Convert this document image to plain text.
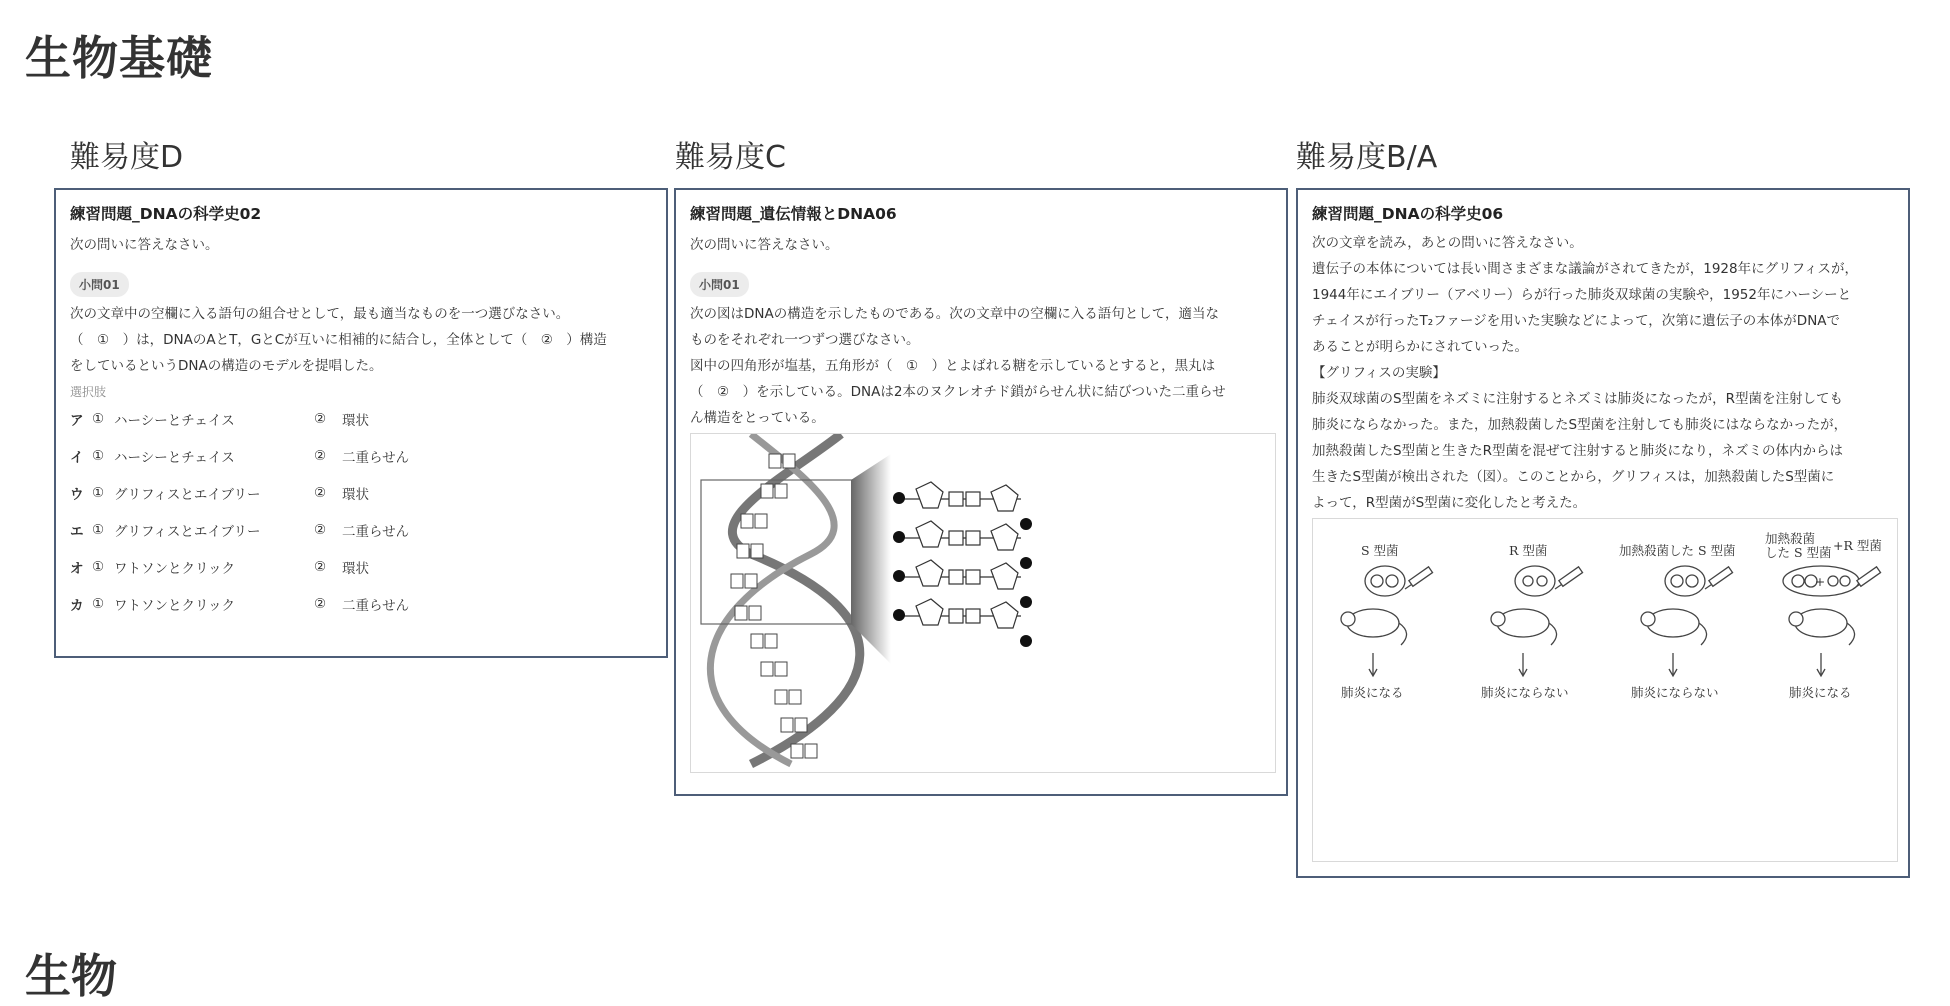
生物基礎
難易度D
練習問題_DNAの科学史02
次の問いに答えなさい。
小問01
次の文章中の空欄に入る語句の組合せとして，最も適当なものを一つ選びなさい。
（　①　）は，DNAのAとT，GとCが互いに相補的に結合し，全体として（　②　）構造
をしているというDNAの構造のモデルを提唱した。
選択肢
ア ① ハーシーとチェイス	②	環状
イ ① ハーシーとチェイス	②	二重らせん
ウ ① グリフィスとエイブリー	②	環状
エ ① グリフィスとエイブリー	②	二重らせん
オ ① ワトソンとクリック	②	環状
カ ① ワトソンとクリック	②	二重らせん
難易度C
練習問題_遺伝情報とDNA06
次の問いに答えなさい。
小問01
次の図はDNAの構造を示したものである。次の文章中の空欄に入る語句として，適当な
ものをそれぞれ一つずつ選びなさい。
図中の四角形が塩基，五角形が（　①　）とよばれる糖を示しているとすると，黒丸は
（　②　）を示している。DNAは2本のヌクレオチド鎖がらせん状に結びついた二重らせ
ん構造をとっている。
難易度B/A
練習問題_DNAの科学史06
次の文章を読み，あとの問いに答えなさい。
遺伝子の本体については長い間さまざまな議論がされてきたが，1928年にグリフィスが，
1944年にエイブリー（アベリー）らが行った肺炎双球菌の実験や，1952年にハーシーと
チェイスが行ったT₂ファージを用いた実験などによって，次第に遺伝子の本体がDNAで
あることが明らかにされていった。
【グリフィスの実験】
肺炎双球菌のS型菌をネズミに注射するとネズミは肺炎になったが，R型菌を注射しても
肺炎にならなかった。また，加熱殺菌したS型菌を注射しても肺炎にはならなかったが，
加熱殺菌したS型菌と生きたR型菌を混ぜて注射すると肺炎になり，ネズミの体内からは
生きたS型菌が検出された（図）。このことから，グリフィスは，加熱殺菌したS型菌に
よって，R型菌がS型菌に変化したと考えた。
S 型菌	R 型菌	加熱殺菌した S 型菌
加熱殺菌
した S 型菌 +R 型菌
+
肺炎になる	肺炎にならない	肺炎にならない	肺炎になる
生物
